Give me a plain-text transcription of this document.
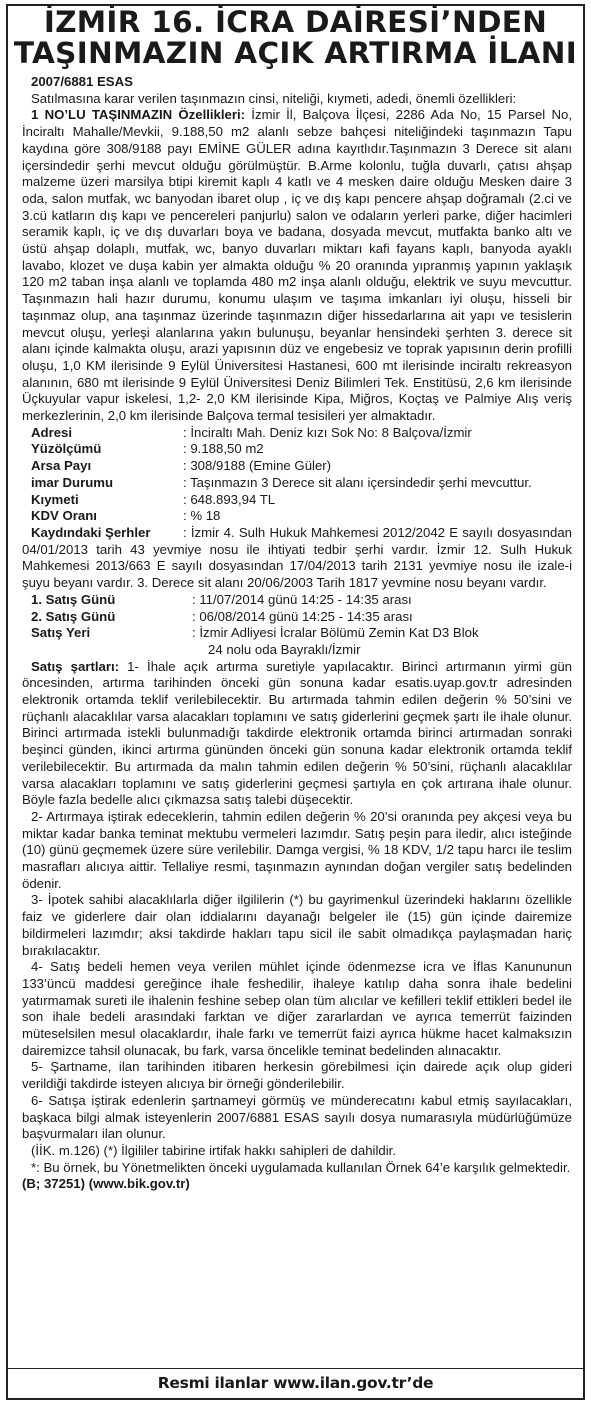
İZMİR 16. İCRA DAİRESİ’NDEN
TAŞINMAZIN AÇIK ARTIRMA İLANI

2007/6881 ESAS

Satılmasına karar verilen taşınmazın cinsi, niteliği, kıymeti, adedi, önemli özellikleri:

1 NO’LU TAŞINMAZIN Özellikleri: İzmir İl, Balçova İlçesi, 2286 Ada No, 15 Parsel No, İnciraltı Mahalle/Mevkii, 9.188,50 m2 alanlı sebze bahçesi niteliğindeki taşınmazın Tapu kaydına göre 308/9188 payı EMİNE GÜLER adına kayıtlıdır.Taşınmazın 3 Derece sit alanı içersindedir şerhi mevcut olduğu görülmüştür. B.Arme kolonlu, tuğla duvarlı, çatısı ahşap malzeme üzeri marsilya btipi kiremit kaplı 4 katlı ve 4 mesken daire olduğu Mesken daire 3 oda, salon mutfak, wc banyodan ibaret olup , iç ve dış kapı pencere ahşap doğramalı (2.ci ve 3.cü katların dış kapı ve pencereleri panjurlu) salon ve odaların yerleri parke, diğer hacimleri seramik kaplı, iç ve dış duvarları boya ve badana, dosyada mevcut, mutfakta banko altı ve üstü ahşap dolaplı, mutfak, wc, banyo duvarları miktarı kafi fayans kaplı, banyoda ayaklı lavabo, klozet ve duşa kabin yer almakta olduğu % 20 oranında yıpranmış yapının yaklaşık 120 m2 taban inşa alanlı ve toplamda 480 m2 inşa alanlı olduğu, elektrik ve suyu mevcuttur. Taşınmazın hali hazır durumu, konumu ulaşım ve taşıma imkanları iyi oluşu, hisseli bir taşınmaz olup, ana taşınmaz üzerinde taşınmazın diğer hissedarlarına ait yapı ve tesislerin mevcut oluşu, yerleşi alanlarına yakın bulunuşu, beyanlar hensindeki şerhten 3. derece sit alanı içinde kalmakta oluşu, arazi yapısının düz ve engebesiz ve toprak yapısının derin profilli oluşu, 1,0 KM ilerisinde 9 Eylül Üniversitesi Hastanesi, 600 mt ilerisinde inciraltı rekreasyon alanının, 680 mt ilerisinde 9 Eylül Üniversitesi Deniz Bilimleri Tek. Enstitüsü, 2,6 km ilerisinde Üçkuyular vapur iskelesi, 1,2- 2,0 KM ilerisinde Kipa, Miğros, Koçtaş ve Palmiye Alış veriş merkezlerinin, 2,0 km ilerisinde Balçova termal tesisileri yer almaktadır.

Adresi	: İnciraltı Mah. Deniz kızı Sok No: 8 Balçova/İzmir
Yüzölçümü	: 9.188,50 m2
Arsa Payı	: 308/9188 (Emine Güler)
imar Durumu	: Taşınmazın 3 Derece sit alanı içersindedir şerhi mevcuttur.
Kıymeti	: 648.893,94 TL
KDV Oranı	: % 18

Kaydındaki Şerhler : İzmir 4. Sulh Hukuk Mahkemesi 2012/2042 E sayılı dosyasından 04/01/2013 tarih 43 yevmiye nosu ile ihtiyati tedbir şerhi vardır. İzmir 12. Sulh Hukuk Mahkemesi 2013/663 E sayılı dosyasından 17/04/2013 tarih 2131 yevmiye nosu ile izale-i şuyu beyanı vardır. 3. Derece sit alanı 20/06/2003 Tarih 1817 yevmine nosu beyanı vardır.

1. Satış Günü	: 11/07/2014 günü 14:25 - 14:35 arası
2. Satış Günü	: 06/08/2014 günü 14:25 - 14:35 arası
Satış Yeri	: İzmir Adliyesi İcralar Bölümü Zemin Kat D3 Blok
24 nolu oda Bayraklı/İzmir

Satış şartları: 1- İhale açık artırma suretiyle yapılacaktır. Birinci artırmanın yirmi gün öncesinden, artırma tarihinden önceki gün sonuna kadar esatis.uyap.gov.tr adresinden elektronik ortamda teklif verilebilecektir. Bu artırmada tahmin edilen değerin % 50’sini ve rüçhanlı alacaklılar varsa alacakları toplamını ve satış giderlerini geçmek şartı ile ihale olunur. Birinci artırmada istekli bulunmadığı takdirde elektronik ortamda birinci artırmadan sonraki beşinci günden, ikinci artırma gününden önceki gün sonuna kadar elektronik ortamda teklif verilebilecektir. Bu artırmada da malın tahmin edilen değerin % 50’sini, rüçhanlı alacaklılar varsa alacakları toplamını ve satış giderlerini geçmesi şartıyla en çok artırana ihale olunur. Böyle fazla bedelle alıcı çıkmazsa satış talebi düşecektir.

2- Artırmaya iştirak edeceklerin, tahmin edilen değerin % 20’si oranında pey akçesi veya bu miktar kadar banka teminat mektubu vermeleri lazımdır. Satış peşin para iledir, alıcı isteğinde (10) günü geçmemek üzere süre verilebilir. Damga vergisi, % 18 KDV, 1/2 tapu harcı ile teslim masrafları alıcıya aittir. Tellaliye resmi, taşınmazın aynından doğan vergiler satış bedelinden ödenir.

3- İpotek sahibi alacaklılarla diğer ilgililerin (*) bu gayrimenkul üzerindeki haklarını özellikle faiz ve giderlere dair olan iddialarını dayanağı belgeler ile (15) gün içinde dairemize bildirmeleri lazımdır; aksi takdirde hakları tapu sicil ile sabit olmadıkça paylaşmadan hariç bırakılacaktır.

4- Satış bedeli hemen veya verilen mühlet içinde ödenmezse icra ve İflas Kanununun 133’üncü maddesi gereğince ihale feshedilir, ihaleye katılıp daha sonra ihale bedelini yatırmamak sureti ile ihalenin feshine sebep olan tüm alıcılar ve kefilleri teklif ettikleri bedel ile son ihale bedeli arasındaki farktan ve diğer zararlardan ve ayrıca temerrüt faizinden müteselsilen mesul olacaklardır, ihale farkı ve temerrüt faizi ayrıca hükme hacet kalmaksızın dairemizce tahsil olunacak, bu fark, varsa öncelikle teminat bedelinden alınacaktır.

5- Şartname, ilan tarihinden itibaren herkesin görebilmesi için dairede açık olup gideri verildiği takdirde isteyen alıcıya bir örneği gönderilebilir.

6- Satışa iştirak edenlerin şartnameyi görmüş ve münderecatını kabul etmiş sayılacakları, başkaca bilgi almak isteyenlerin 2007/6881 ESAS sayılı dosya numarasıyla müdürlüğümüze başvurmaları ilan olunur.

(İİK. m.126) (*) İlgililer tabirine irtifak hakkı sahipleri de dahildir.

*: Bu örnek, bu Yönetmelikten önceki uygulamada kullanılan Örnek 64’e karşılık gelmektedir.

(B; 37251) (www.bik.gov.tr)

Resmi ilanlar www.ilan.gov.tr’de
